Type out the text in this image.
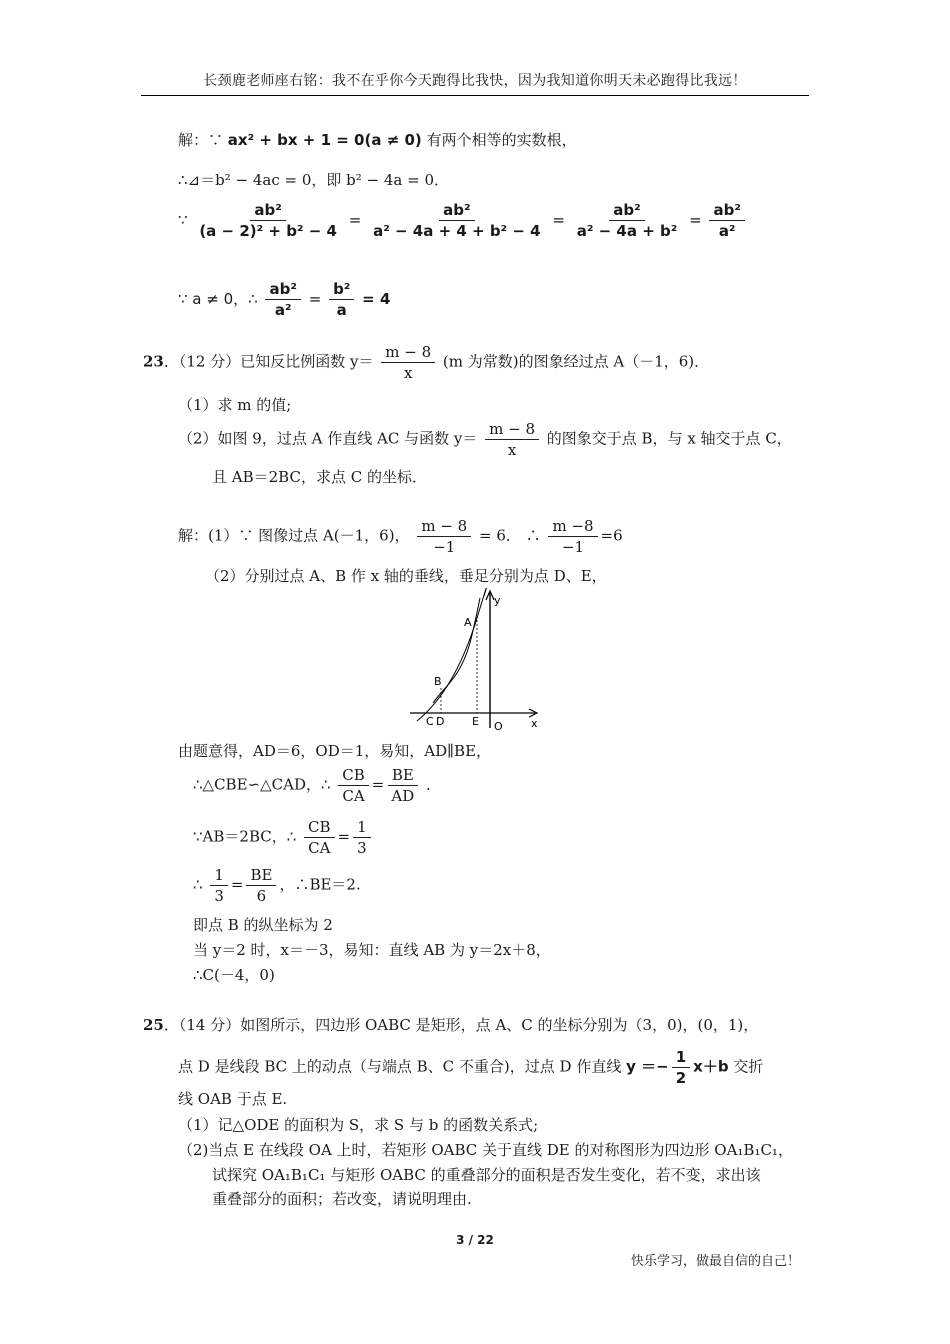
长颈鹿老师座右铭：我不在乎你今天跑得比我快，因为我知道你明天未必跑得比我远！
解：∵ ax² + bx + 1 = 0(a ≠ 0) 有两个相等的实数根，
∴⊿＝b² − 4ac = 0，即 b² − 4a = 0．
∵ $\frac{\text{ab²}}{\text{(a − 2)² + b² − 4}} = \frac{\text{ab²}}{\text{a² − 4a + 4 + b² − 4}} = \frac{\text{ab²}}{\text{a² − 4a + b²}} = \frac{\text{ab²}}{\text{a²}}$
∵ a ≠ 0，∴ $\frac{\text{ab²}}{\text{a²}} = \frac{\text{b²}}{a} = 4$
23．（12 分）已知反比例函数 $y= \frac{m - 8}{x} (m$ 为常数)的图象经过点 A（－1，6)．
（1）求 m 的值;
（2）如图 9，过点 A 作直线 AC 与函数 $y= \frac{m - 8}{x}$ 的图象交于点 B，与 x 轴交于点 C，
且 AB＝2BC，求点 C 的坐标．
解：(1）∵ 图像过点 A(－1，6)， $\frac{m - 8}{-1} = 6$． ∴ $\frac{m -8}{-1} =6$
（2）分别过点 A、B 作 x 轴的垂线，垂足分别为点 D、E，
y
A
B
C D	E O	x
由题意得，AD＝6，OD＝1，易知，AD∥BE，
∴△CBE∽△CAD，∴ $\frac{CB}{CA} = \frac{BE}{AD}$ ．
∵AB＝2BC，∴ $\frac{CB}{CA} = \frac{1}{3}$
∴ $\frac{1}{3} = \frac{BE}{6}$ ，∴BE＝2.
即点 B 的纵坐标为 2
当 y＝2 时，x＝－3，易知：直线 AB 为 y＝2x＋8，
∴C(－4，0)
25．（14 分）如图所示，四边形 OABC 是矩形，点 A、C 的坐标分别为（3，0)，(0，1)，
点 D 是线段 BC 上的动点（与端点 B、C 不重合)，过点 D 作直线 $y =- \frac{1}{2} x+b$ 交折
线 OAB 于点 E.
（1）记△ODE 的面积为 S，求 S 与 b 的函数关系式;
（2)当点 E 在线段 OA 上时，若矩形 OABC 关于直线 DE 的对称图形为四边形 OA₁B₁C₁，
试探究 OA₁B₁C₁ 与矩形 OABC 的重叠部分的面积是否发生变化，若不变，求出该
重叠部分的面积；若改变，请说明理由.
3 / 22
快乐学习，做最自信的自己！
